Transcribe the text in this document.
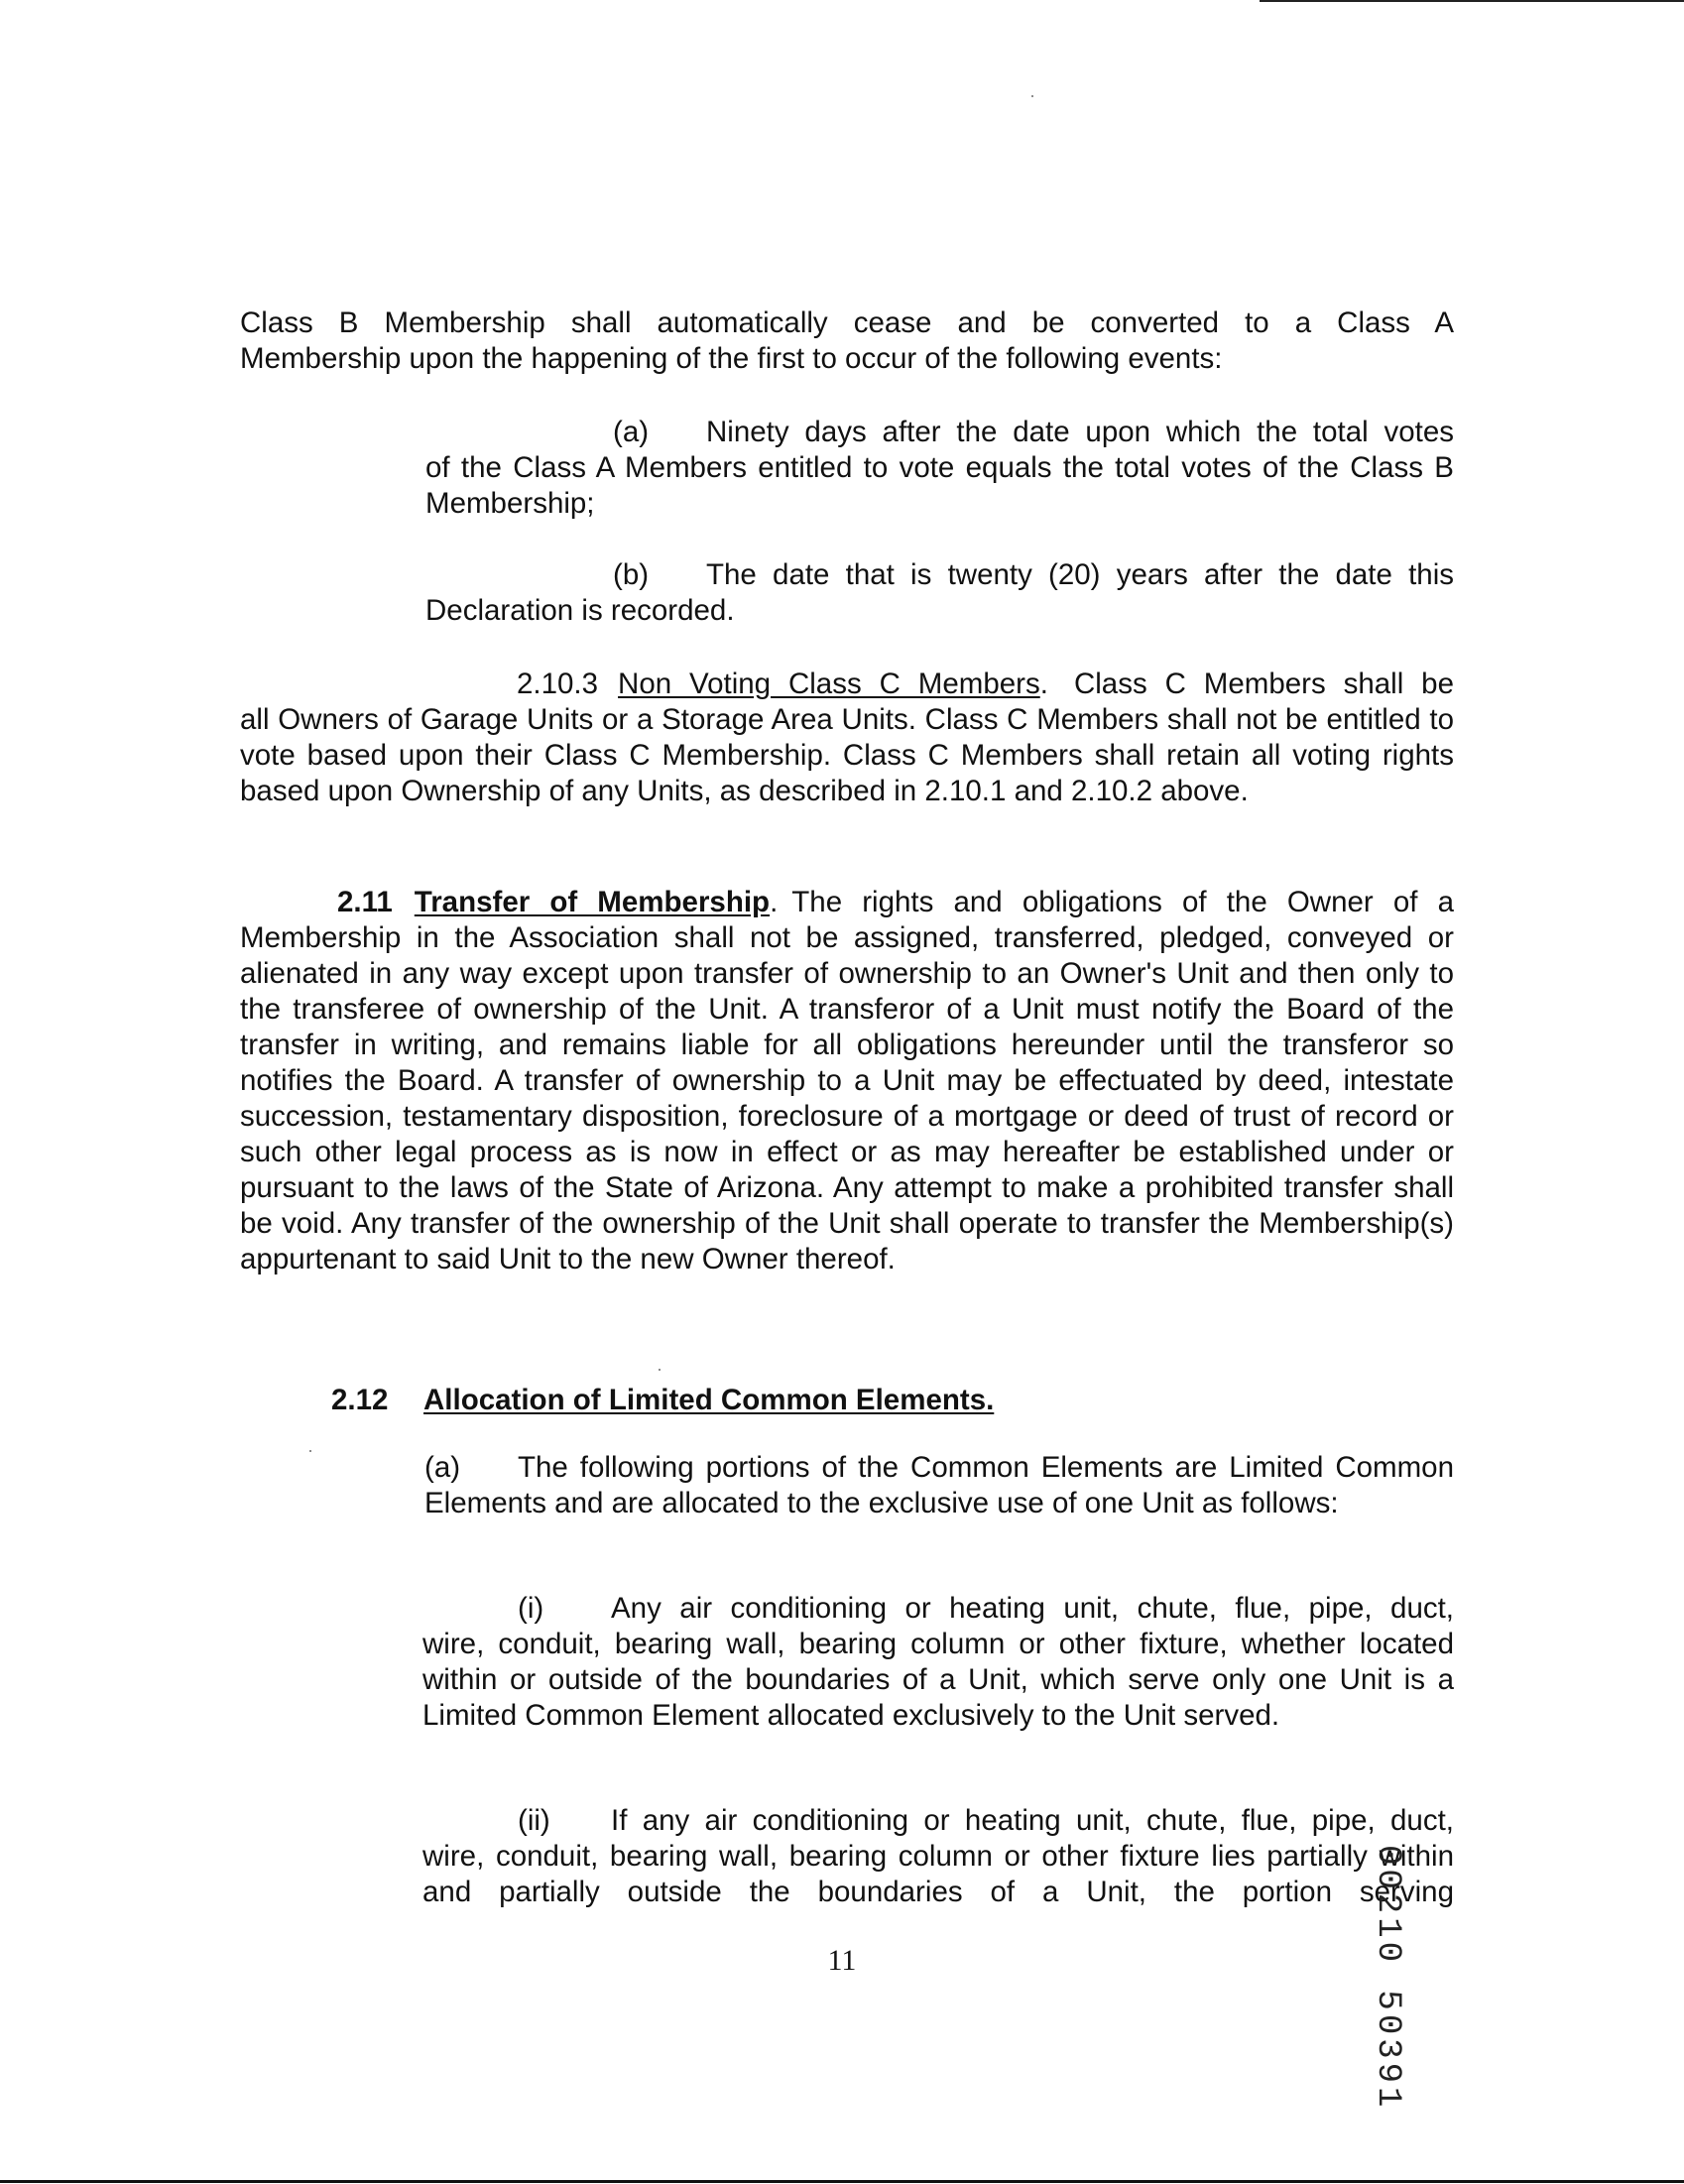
Class B Membership shall automatically cease and be converted to a Class A

Membership upon the happening of the first to occur of the following events:

(a) Ninety days after the date upon which the total votes

of the Class A Members entitled to vote equals the total votes of the Class B Membership;

(b) The date that is twenty (20) years after the date this

Declaration is recorded.

2.10.3 Non Voting Class C Members. Class C Members shall be

all Owners of Garage Units or a Storage Area Units. Class C Members shall not be entitled to vote based upon their Class C Membership. Class C Members shall retain all voting rights based upon Ownership of any Units, as described in 2.10.1 and 2.10.2 above.

2.11 Transfer of Membership. The rights and obligations of the Owner of a

Membership in the Association shall not be assigned, transferred, pledged, conveyed or alienated in any way except upon transfer of ownership to an Owner's Unit and then only to the transferee of ownership of the Unit. A transferor of a Unit must notify the Board of the transfer in writing, and remains liable for all obligations hereunder until the transferor so notifies the Board. A transfer of ownership to a Unit may be effectuated by deed, intestate succession, testamentary disposition, foreclosure of a mortgage or deed of trust of record or such other legal process as is now in effect or as may hereafter be established under or pursuant to the laws of the State of Arizona. Any attempt to make a prohibited transfer shall be void. Any transfer of the ownership of the Unit shall operate to transfer the Membership(s) appurtenant to said Unit to the new Owner thereof.

2.12 Allocation of Limited Common Elements.

(a) The following portions of the Common Elements are Limited Common Elements and are allocated to the exclusive use of one Unit as follows:

(i) Any air conditioning or heating unit, chute, flue, pipe, duct,

wire, conduit, bearing wall, bearing column or other fixture, whether located within or outside of the boundaries of a Unit, which serve only one Unit is a Limited Common Element allocated exclusively to the Unit served.

(ii) If any air conditioning or heating unit, chute, flue, pipe, duct,

wire, conduit, bearing wall, bearing column or other fixture lies partially within and partially outside the boundaries of a Unit, the portion serving

11	00210 50391
